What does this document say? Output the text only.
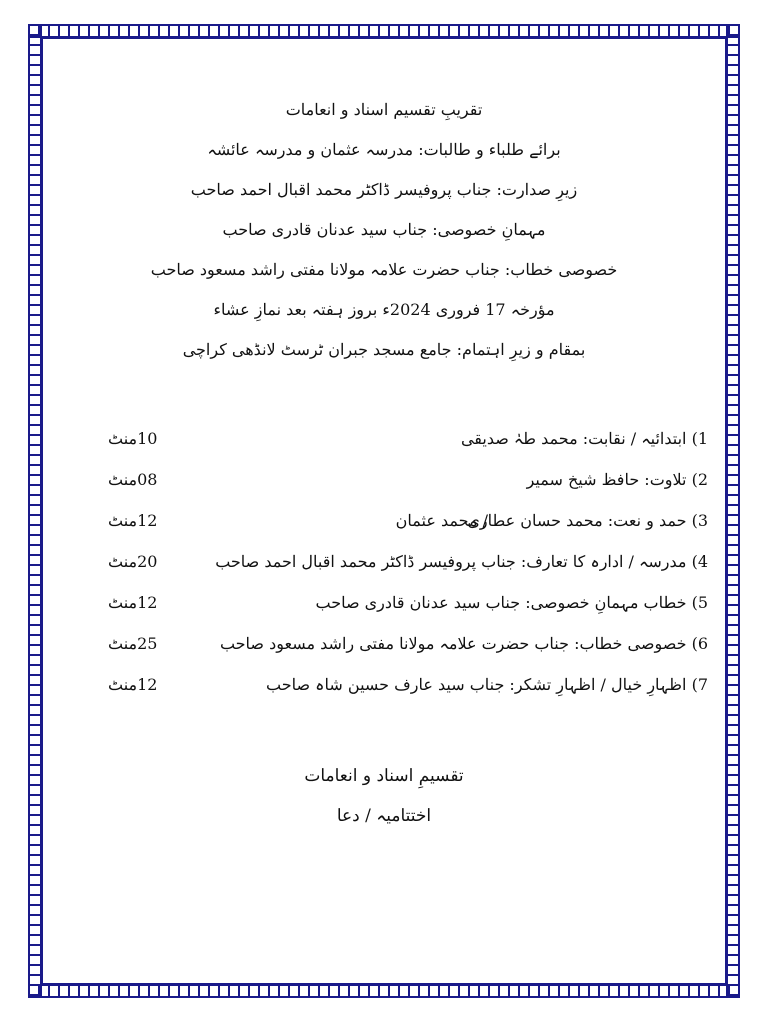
تقریبِ تقسیم اسناد و انعامات
برائے طلباء و طالبات: مدرسہ عثمان و مدرسہ عائشہ
زیرِ صدارت: جناب پروفیسر ڈاکٹر محمد اقبال احمد صاحب
مہمانِ خصوصی: جناب سید عدنان قادری صاحب
خصوصی خطاب: جناب حضرت علامہ مولانا مفتی راشد مسعود صاحب
مؤرخہ 17 فروری 2024ء بروز ہفتہ بعد نمازِ عشاء
بمقام و زیرِ اہتمام: جامع مسجد جبران ٹرسٹ لانڈھی کراچی
1) ابتدائیہ / نقابت: محمد طہٰ صدیقی
10منٹ
2) تلاوت: حافظ شیخ سمیر
08منٹ
3) حمد و نعت: محمد حسان عطاری
/ محمد عثمان
12منٹ
4) مدرسہ / ادارہ کا تعارف: جناب پروفیسر ڈاکٹر محمد اقبال احمد صاحب
20منٹ
5) خطاب مہمانِ خصوصی: جناب سید عدنان قادری صاحب
12منٹ
6) خصوصی خطاب: جناب حضرت علامہ مولانا مفتی راشد مسعود صاحب
25منٹ
7) اظہارِ خیال / اظہارِ تشکر: جناب سید عارف حسین شاہ صاحب
12منٹ
تقسیمِ اسناد و انعامات
اختتامیہ / دعا
